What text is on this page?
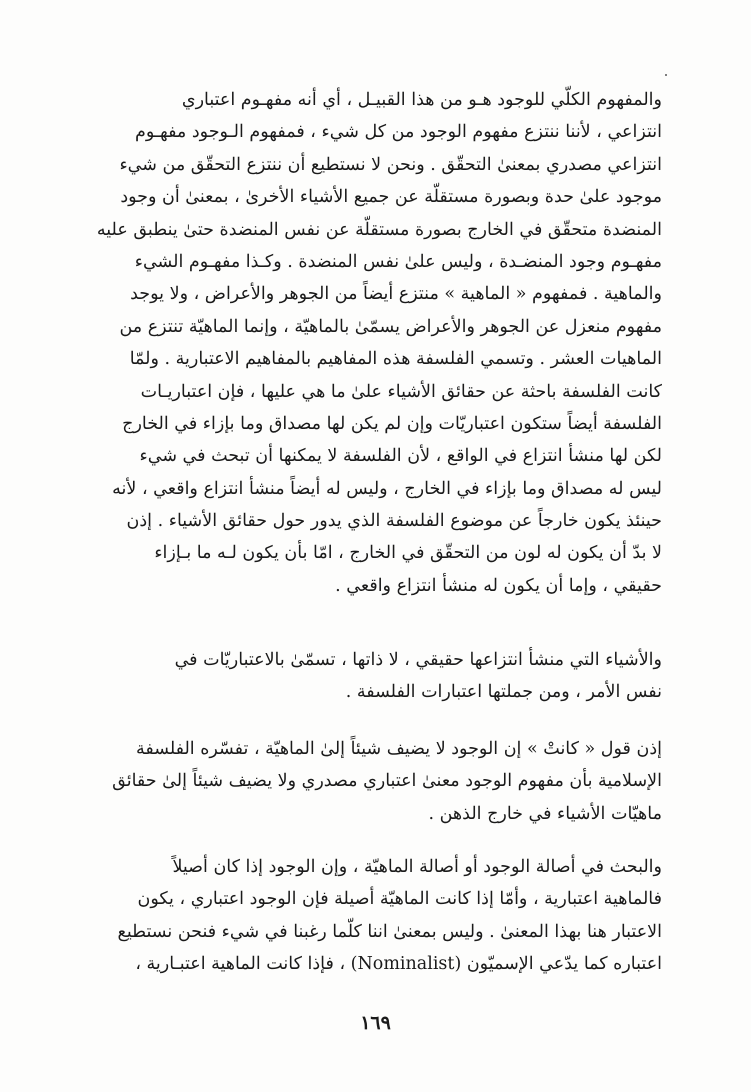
والمفهوم الكلّي للوجود هـو من هذا القبيـل ، أي أنه مفهـوم اعتباري
انتزاعي ، لأننا ننتزع مفهوم الوجود من كل شيء ، فمفهوم الـوجود مفهـوم
انتزاعي مصدري بمعنىٰ التحقّق . ونحن لا نستطيع أن ننتزع التحقّق من شيء
موجود علىٰ حدة وبصورة مستقلّة عن جميع الأشياء الأخرىٰ ، بمعنىٰ أن وجود
المنضدة متحقّق في الخارج بصورة مستقلّة عن نفس المنضدة حتىٰ ينطبق عليه
مفهـوم وجود المنضـدة ، وليس علىٰ نفس المنضدة . وكـذا مفهـوم الشيء
والماهية . فمفهوم « الماهية » منتزع أيضاً من الجوهر والأعراض ، ولا يوجد
مفهوم منعزل عن الجوهر والأعراض يسمّىٰ بالماهيّة ، وإنما الماهيّة تنتزع من
الماهيات العشر . وتسمي الفلسفة هذه المفاهيم بالمفاهيم الاعتبارية . ولمّا
كانت الفلسفة باحثة عن حقائق الأشياء علىٰ ما هي عليها ، فإن اعتباريـات
الفلسفة أيضاً ستكون اعتباريّات وإن لم يكن لها مصداق وما بإزاء في الخارج
لكن لها منشأ انتزاع في الواقع ، لأن الفلسفة لا يمكنها أن تبحث في شيء
ليس له مصداق وما بإزاء في الخارج ، وليس له أيضاً منشأ انتزاع واقعي ، لأنه
حينئذ يكون خارجاً عن موضوع الفلسفة الذي يدور حول حقائق الأشياء . إذن
لا بدّ أن يكون له لون من التحقّق في الخارج ، امّا بأن يكون لـه ما بـإزاء
حقيقي ، وإما أن يكون له منشأ انتزاع واقعي .
والأشياء التي منشأ انتزاعها حقيقي ، لا ذاتها ، تسمّىٰ بالاعتباريّات في
نفس الأمر ، ومن جملتها اعتبارات الفلسفة .
إذن قول « كانتْ » إن الوجود لا يضيف شيئاً إلىٰ الماهيّة ، تفسّره الفلسفة
الإسلامية بأن مفهوم الوجود معنىٰ اعتباري مصدري ولا يضيف شيئاً إلىٰ حقائق
ماهيّات الأشياء في خارج الذهن .
والبحث في أصالة الوجود أو أصالة الماهيّة ، وإن الوجود إذا كان أصيلاً
فالماهية اعتبارية ، وأمّا إذا كانت الماهيّة أصيلة فإن الوجود اعتباري ، يكون
الاعتبار هنا بهذا المعنىٰ . وليس بمعنىٰ اننا كلّما رغبنا في شيء فنحن نستطيع
اعتباره كما يدّعي الإسميّون (Nominalist) ، فإذا كانت الماهية اعتبـارية ،
١٦٩
